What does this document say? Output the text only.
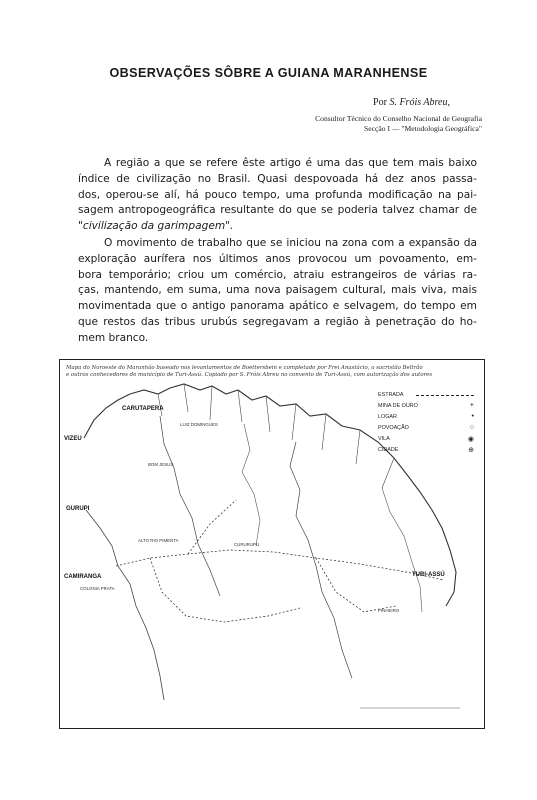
OBSERVAÇÕES SÔBRE A GUIANA MARANHENSE
Por S. Fróis Abreu,
Consultor Técnico do Conselho Nacional de Geografia
Secção I — "Metodologia Geográfica"
A região a que se refere êste artigo é uma das que tem mais baixo
índice de civilização no Brasil. Quasi despovoada há dez anos passa-
dos, operou-se alí, há pouco tempo, uma profunda modificação na pai-
sagem antropogeográfica resultante do que se poderia talvez chamar de
"civilização da garimpagem".
O movimento de trabalho que se iniciou na zona com a expansão da
exploração aurífera nos últimos anos provocou um povoamento, em-
bora temporário; criou um comércio, atraiu estrangeiros de várias ra-
ças, mantendo, em suma, uma nova paisagem cultural, mais viva, mais
movimentada que o antigo panorama apático e selvagem, do tempo em
que restos das tribus urubús segregavam a região à penetração do ho-
mem branco.
Mapa do Noroeste do Maranhão baseado nos levantamentos de Boettersbein e completado por Frei Anastácio, o sacristão Beltrão
e outros conhecedores do município de Turi-Assú. Copiado por S. Fróis Abreu no convento de Turi-Assú, com autorização dos autores
ESTRADA
MINA DE OURO	+
LOGAR	•
POVOAÇÃO	○
VILA	◉
CIDADE	⊕
VIZEU
CARUTAPERA
GURUPI
LUIZ DOMINGUES
TURI-ASSÚ
CURURUPU
CAMIRANGA
PINHEIRO
COLONIA PRATA
BOM JESUS
ALTO RIO PIMENTA
